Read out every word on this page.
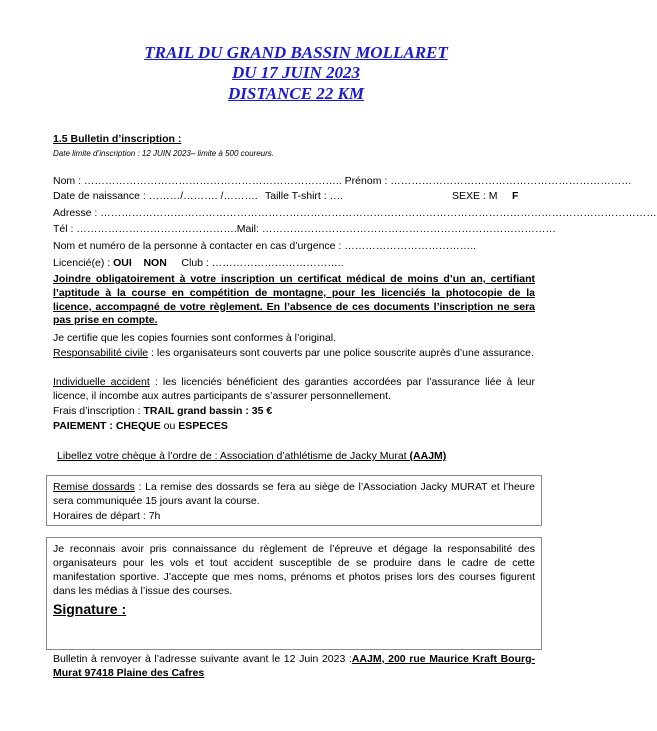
TRAIL DU GRAND BASSIN MOLLARET
DU 17 JUIN 2023
DISTANCE 22 KM
1.5 Bulletin d’inscription :
Date limite d’inscription : 12 JUIN 2023– limite à 500 coureurs.
Nom : ……………………………………………………………….. Prénom : ……………………………………………………………
Date de naissance : ………/………. /………. Taille T-shirt : ….	SEXE : M F
Adresse : ……………………………………………………………………………………………………………………………………………
Tél : ……………………………………….Mail: …………………………………………………………………………
Nom et numéro de la personne à contacter en cas d’urgence : ………………………………..
Licencié(e) : OUI NON Club : ………………………………..
Joindre obligatoirement à votre inscription un certificat médical de moins d’un an, certifiant l’aptitude à la course en compétition de montagne, pour les licenciés la photocopie de la licence, accompagné de votre règlement. En l’absence de ces documents l’inscription ne sera pas prise en compte.
Je certifie que les copies fournies sont conformes à l’original.
Responsabilité civile : les organisateurs sont couverts par une police souscrite auprès d’une assurance.
Individuelle accident : les licenciés bénéficient des garanties accordées par l’assurance liée à leur licence, il incombe aux autres participants de s’assurer personnellement.
Frais d’inscription : TRAIL grand bassin : 35 €
PAIEMENT : CHEQUE ou ESPECES
Libellez votre chèque à l’ordre de : Association d’athlétisme de Jacky Murat (AAJM)
Remise dossards : La remise des dossards se fera au siège de l’Association Jacky MURAT et l’heure sera communiquée 15 jours avant la course.
Horaires de départ : 7h
Je reconnais avoir pris connaissance du règlement de l’épreuve et dégage la responsabilité des organisateurs pour les vols et tout accident susceptible de se produire dans le cadre de cette manifestation sportive. J’accepte que mes noms, prénoms et photos prises lors des courses figurent dans les médias à l’issue des courses.
Signature :
Bulletin à renvoyer à l’adresse suivante avant le 12 Juin 2023 :AAJM, 200 rue Maurice Kraft Bourg-Murat 97418 Plaine des Cafres
